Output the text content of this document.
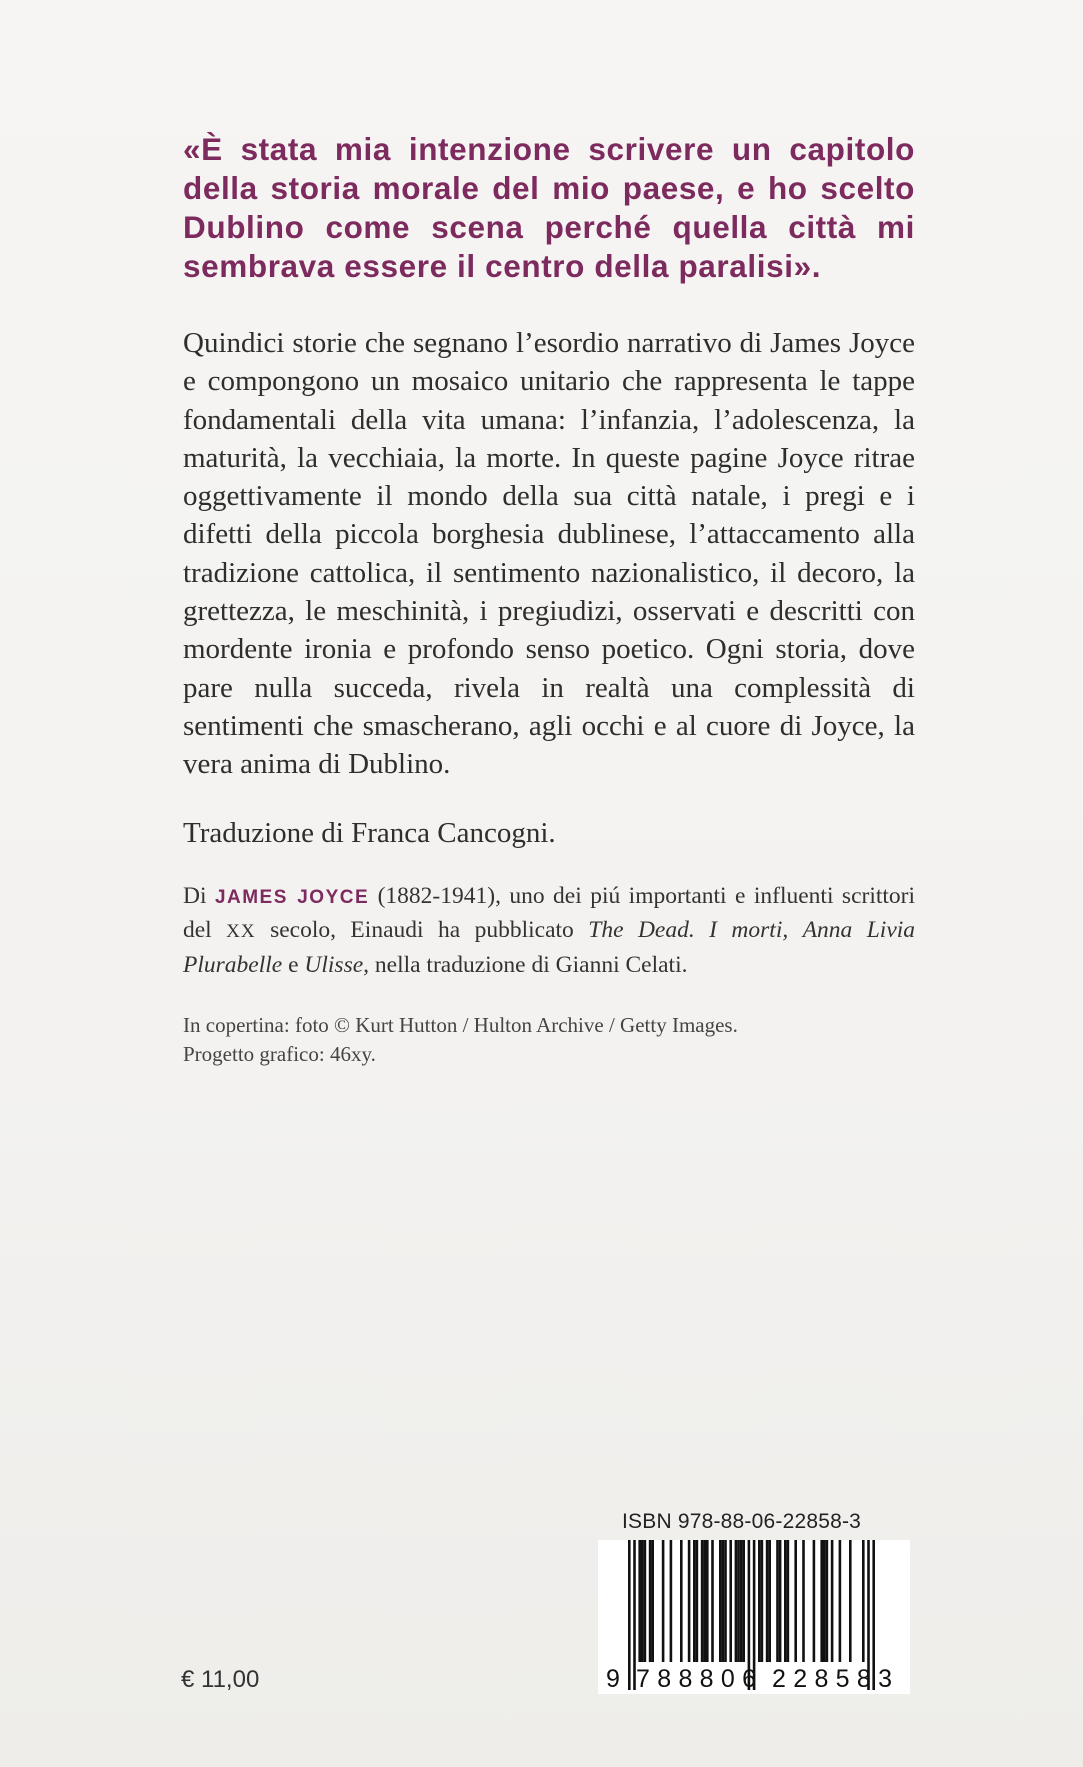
«È stata mia intenzione scrivere un capitolo della storia morale del mio paese, e ho scelto Dublino come scena perché quella città mi sembrava essere il centro della paralisi».

Quindici storie che segnano l’esordio narrativo di James Joyce e compongono un mosaico unitario che rappresenta le tappe fondamentali della vita umana: l’infanzia, l’adolescenza, la maturità, la vecchiaia, la morte. In queste pagine Joyce ritrae oggettivamente il mondo della sua città natale, i pregi e i difetti della piccola borghesia dublinese, l’attaccamento alla tradizione cattolica, il sentimento nazionalistico, il decoro, la grettezza, le meschinità, i pregiudizi, osservati e descritti con mordente ironia e profondo senso poetico. Ogni storia, dove pare nulla succeda, rivela in realtà una complessità di sentimenti che smascherano, agli occhi e al cuore di Joyce, la vera anima di Dublino.

Traduzione di Franca Cancogni.

Di JAMES JOYCE (1882-1941), uno dei piú importanti e influenti scrittori del XX secolo, Einaudi ha pubblicato The Dead. I morti, Anna Livia Plurabelle e Ulisse, nella traduzione di Gianni Celati.

In copertina: foto © Kurt Hutton / Hulton Archive / Getty Images.
Progetto grafico: 46xy.

€ 11,00
ISBN 978-88-06-22858-3
9 788806 228583
